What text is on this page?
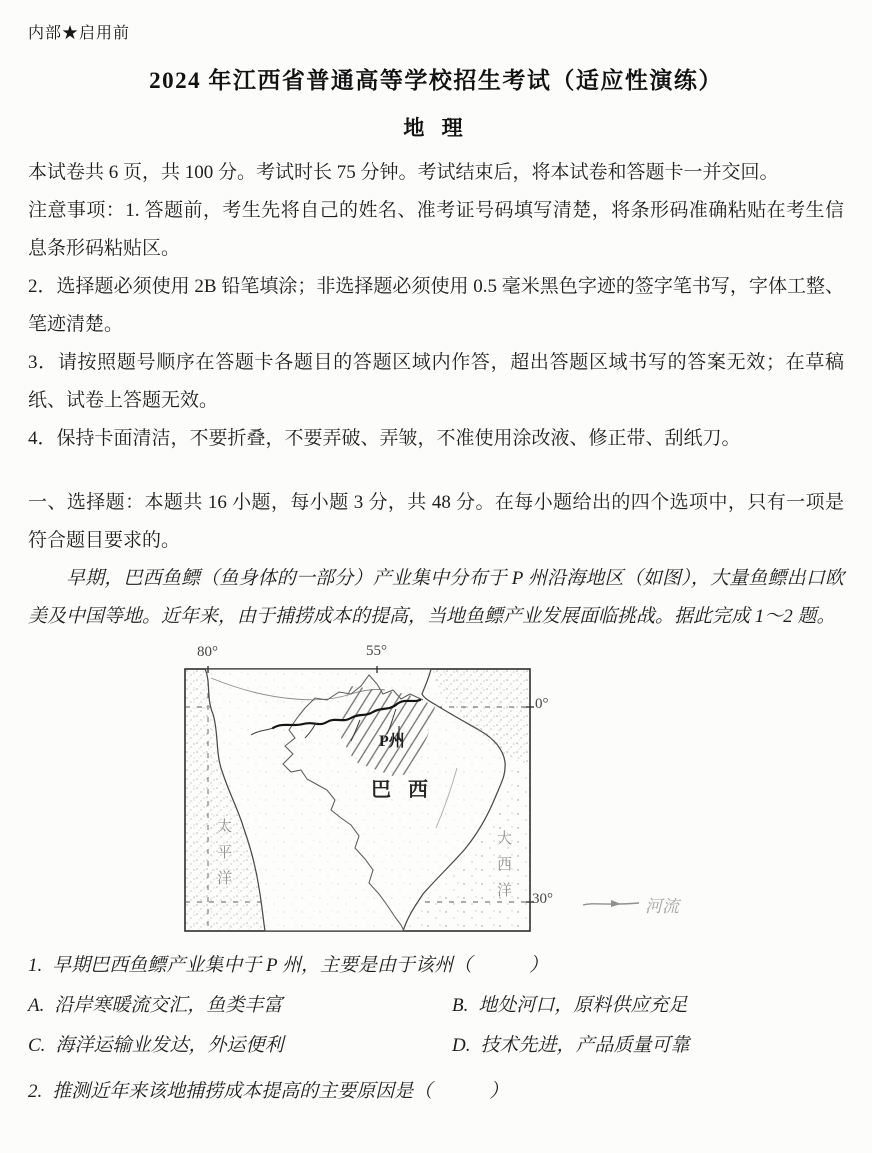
内部★启用前
2024 年江西省普通高等学校招生考试（适应性演练）
地 理

本试卷共 6 页，共 100 分。考试时长 75 分钟。考试结束后，将本试卷和答题卡一并交回。

注意事项：1. 答题前，考生先将自己的姓名、准考证号码填写清楚，将条形码准确粘贴在考生信息条形码粘贴区。

2．选择题必须使用 2B 铅笔填涂；非选择题必须使用 0.5 毫米黑色字迹的签字笔书写，字体工整、笔迹清楚。

3．请按照题号顺序在答题卡各题目的答题区域内作答，超出答题区域书写的答案无效；在草稿纸、试卷上答题无效。

4．保持卡面清洁，不要折叠，不要弄破、弄皱，不准使用涂改液、修正带、刮纸刀。

一、选择题：本题共 16 小题，每小题 3 分，共 48 分。在每小题给出的四个选项中，只有一项是符合题目要求的。

早期，巴西鱼鳔（鱼身体的一部分）产业集中分布于 P 州沿海地区（如图），大量鱼鳔出口欧美及中国等地。近年来，由于捕捞成本的提高，当地鱼鳔产业发展面临挑战。据此完成 1～2 题。

80°	55°
0°
30°
P州
巴西
太平洋	大西洋	河流

1. 早期巴西鱼鳔产业集中于 P 州，主要是由于该州（　　　）

A. 沿岸寒暖流交汇，鱼类丰富	B. 地处河口，原料供应充足
C. 海洋运输业发达，外运便利	D. 技术先进，产品质量可靠

2. 推测近年来该地捕捞成本提高的主要原因是（　　　）
